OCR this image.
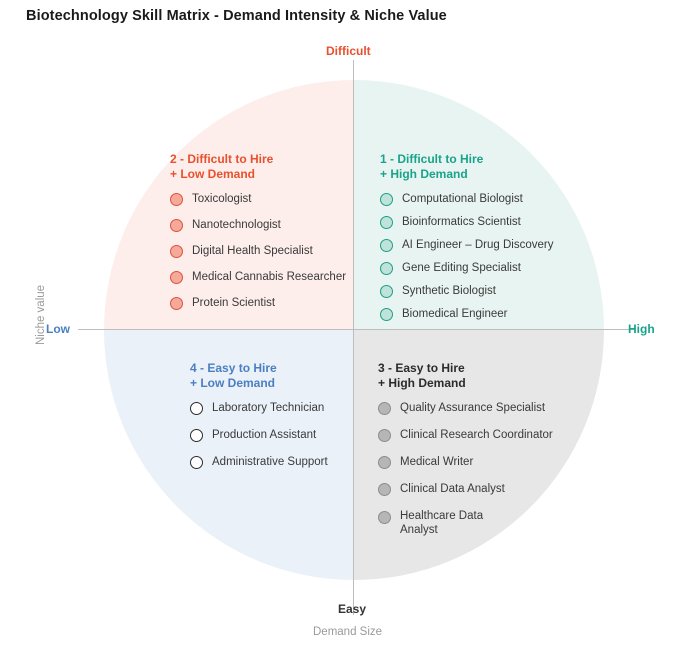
Biotechnology Skill Matrix - Demand Intensity & Niche Value
Difficult
Easy
Low	High
Demand Size
Niche value
2 - Difficult to Hire
+ Low Demand
Toxicologist
Nanotechnologist
Digital Health Specialist
Medical Cannabis Researcher
Protein Scientist
1 - Difficult to Hire
+ High Demand
Computational Biologist
Bioinformatics Scientist
AI Engineer – Drug Discovery
Gene Editing Specialist
Synthetic Biologist
Biomedical Engineer
4 - Easy to Hire
+ Low Demand
Laboratory Technician
Production Assistant
Administrative Support
3 - Easy to Hire
+ High Demand
Quality Assurance Specialist
Clinical Research Coordinator
Medical Writer
Clinical Data Analyst
Healthcare Data Analyst
